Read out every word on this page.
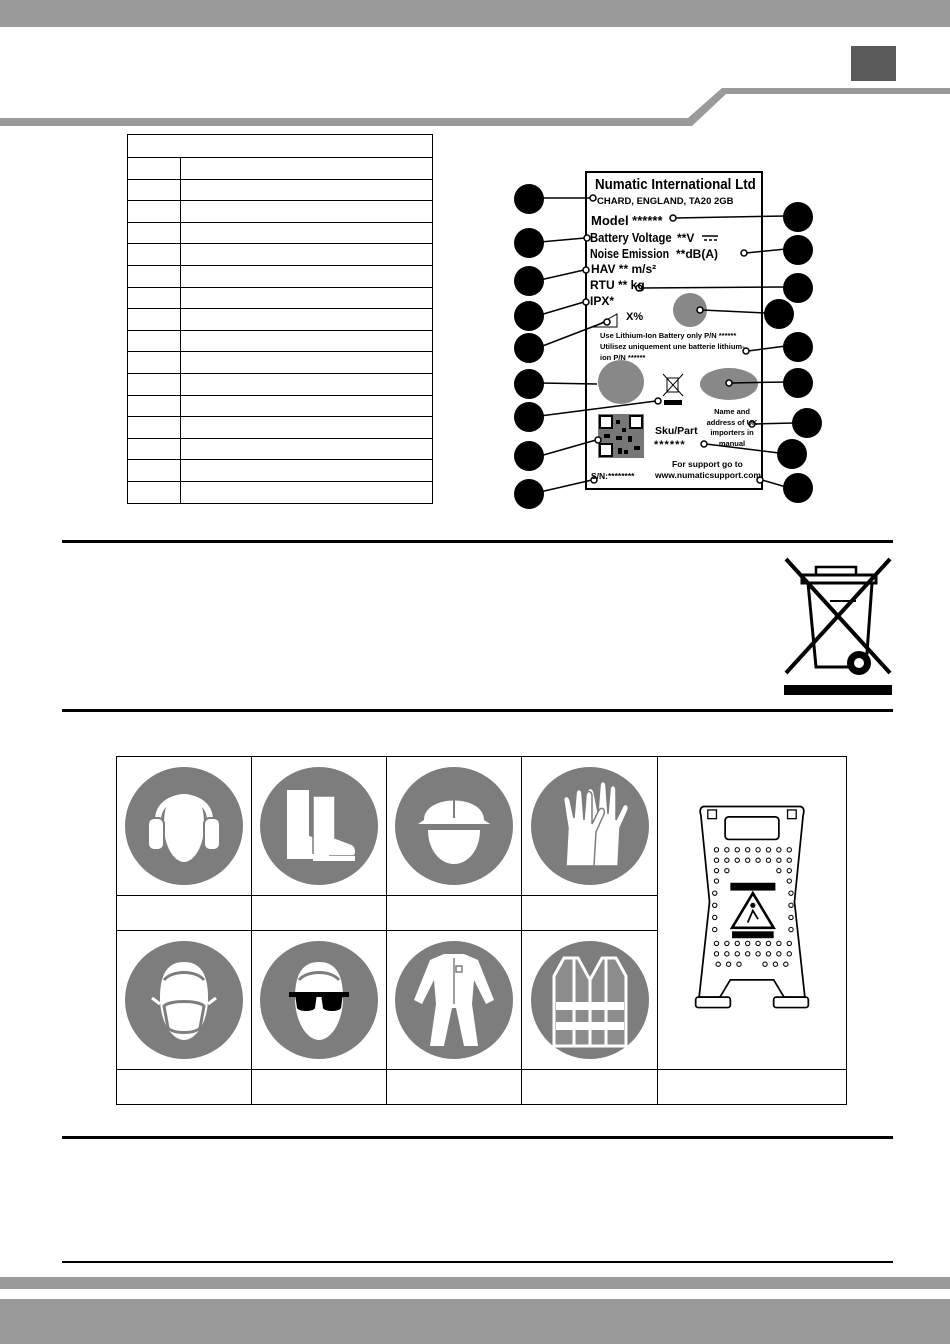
Numatic International Ltd
CHARD, ENGLAND, TA20 2GB
Model ******
Battery Voltage **V
Noise Emission **dB(A)
HAV ** m/s²
RTU ** kg
IPX*
X%
Use Lithium-Ion Battery only P/N ******
Utilisez uniquement une batterie lithium-
ion P/N ******
Name and address of UK importers in manual
Sku/Part
******
For support go to
www.numaticsupport.com
S/N:********
